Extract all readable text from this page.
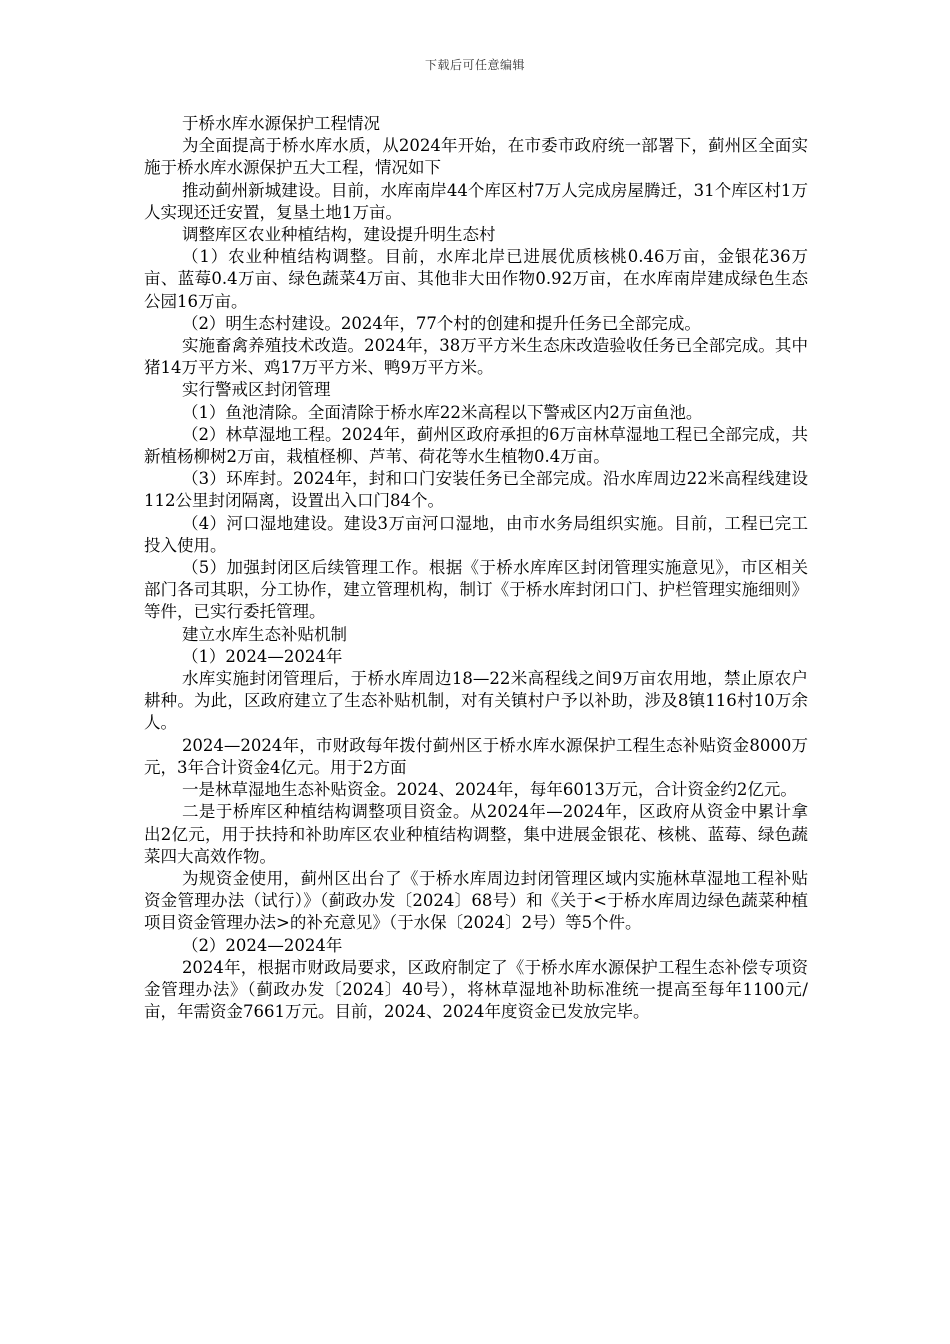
下载后可任意编辑

于桥水库水源保护工程情况

为全面提高于桥水库水质，从2024年开始，在市委市政府统一部署下，蓟州区全面实施于桥水库水源保护五大工程，情况如下

推动蓟州新城建设。目前，水库南岸44个库区村7万人完成房屋腾迁，31个库区村1万人实现还迁安置，复垦土地1万亩。

调整库区农业种植结构，建设提升明生态村

（1）农业种植结构调整。目前，水库北岸已进展优质核桃0.46万亩，金银花36万亩、蓝莓0.4万亩、绿色蔬菜4万亩、其他非大田作物0.92万亩，在水库南岸建成绿色生态公园16万亩。

（2）明生态村建设。2024年，77个村的创建和提升任务已全部完成。

实施畜禽养殖技术改造。2024年，38万平方米生态床改造验收任务已全部完成。其中猪14万平方米、鸡17万平方米、鸭9万平方米。

实行警戒区封闭管理

（1）鱼池清除。全面清除于桥水库22米高程以下警戒区内2万亩鱼池。

（2）林草湿地工程。2024年，蓟州区政府承担的6万亩林草湿地工程已全部完成，共新植杨柳树2万亩，栽植柽柳、芦苇、荷花等水生植物0.4万亩。

（3）环库封。2024年，封和口门安装任务已全部完成。沿水库周边22米高程线建设112公里封闭隔离，设置出入口门84个。

（4）河口湿地建设。建设3万亩河口湿地，由市水务局组织实施。目前，工程已完工投入使用。

（5）加强封闭区后续管理工作。根据《于桥水库库区封闭管理实施意见》，市区相关部门各司其职，分工协作，建立管理机构，制订《于桥水库封闭口门、护栏管理实施细则》等件，已实行委托管理。

建立水库生态补贴机制

（1）2024—2024年

水库实施封闭管理后，于桥水库周边18—22米高程线之间9万亩农用地，禁止原农户耕种。为此，区政府建立了生态补贴机制，对有关镇村户予以补助，涉及8镇116村10万余人。

2024—2024年，市财政每年拨付蓟州区于桥水库水源保护工程生态补贴资金8000万元，3年合计资金4亿元。用于2方面

一是林草湿地生态补贴资金。2024、2024年，每年6013万元，合计资金约2亿元。

二是于桥库区种植结构调整项目资金。从2024年—2024年，区政府从资金中累计拿出2亿元，用于扶持和补助库区农业种植结构调整，集中进展金银花、核桃、蓝莓、绿色蔬菜四大高效作物。

为规资金使用，蓟州区出台了《于桥水库周边封闭管理区域内实施林草湿地工程补贴资金管理办法（试行）》（蓟政办发〔2024〕68号）和《关于<于桥水库周边绿色蔬菜种植项目资金管理办法>的补充意见》（于水保〔2024〕2号）等5个件。

（2）2024—2024年

2024年，根据市财政局要求，区政府制定了《于桥水库水源保护工程生态补偿专项资金管理办法》（蓟政办发〔2024〕40号），将林草湿地补助标准统一提高至每年1100元/亩，年需资金7661万元。目前，2024、2024年度资金已发放完毕。
